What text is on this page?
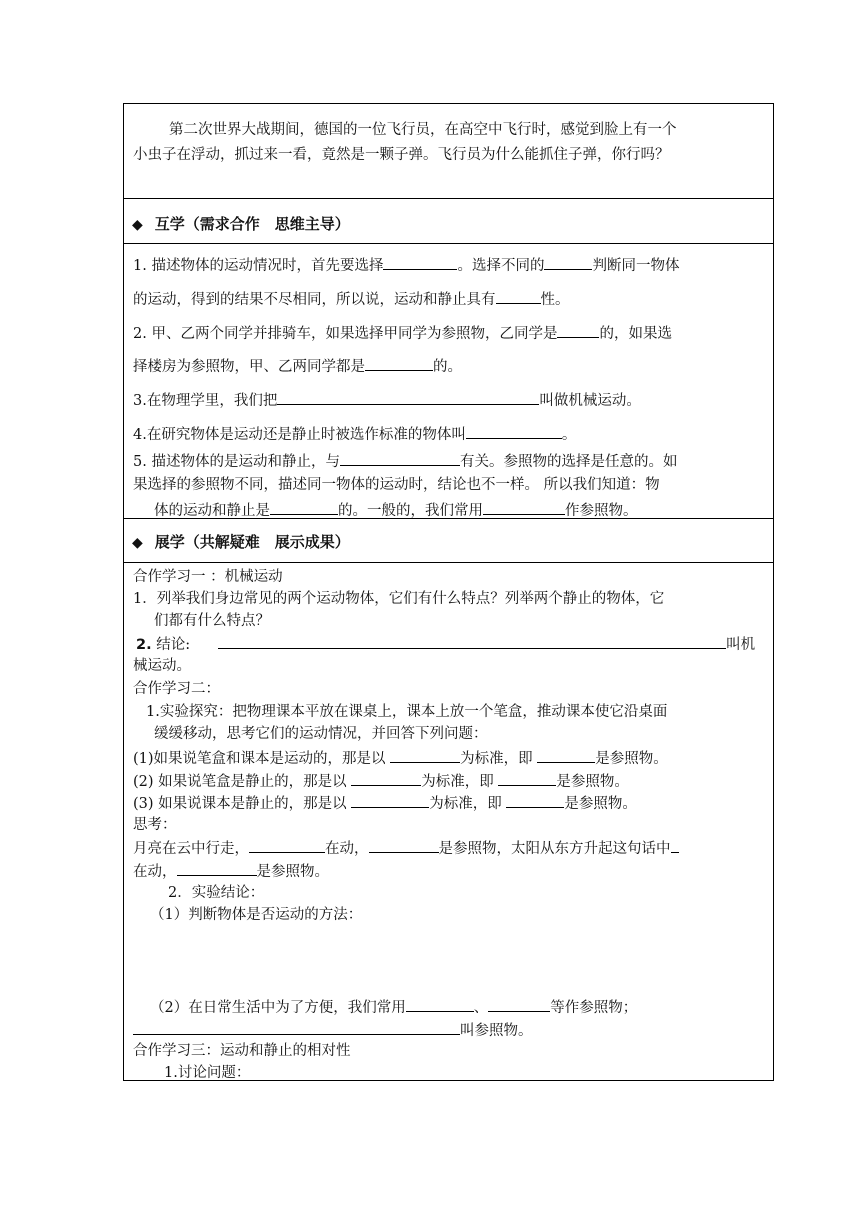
第二次世界大战期间，德国的一位飞行员，在高空中飞行时，感觉到脸上有一个
小虫子在浮动，抓过来一看，竟然是一颗子弹。飞行员为什么能抓住子弹，你行吗？
◆ 互学（需求合作　思维主导）
1. 描述物体的运动情况时，首先要选择	。选择不同的	判断同一物体
的运动，得到的结果不尽相同，所以说，运动和静止具有	性。
2. 甲、乙两个同学并排骑车，如果选择甲同学为参照物，乙同学是	的，如果选
择楼房为参照物，甲、乙两同学都是	的。
3.在物理学里，我们把	叫做机械运动。
4.在研究物体是运动还是静止时被选作标准的物体叫	。
5. 描述物体的是运动和静止，与	有关。参照物的选择是任意的。如
果选择的参照物不同，描述同一物体的运动时，结论也不一样。 所以我们知道：物
体的运动和静止是	的。一般的，我们常用	作参照物。
◆ 展学（共解疑难　展示成果）
合作学习一 ：机械运动
1．列举我们身边常见的两个运动物体，它们有什么特点？列举两个静止的物体，它
们都有什么特点？
2. 结论:	叫机
械运动。
合作学习二：
1.实验探究：把物理课本平放在课桌上，课本上放一个笔盒，推动课本使它沿桌面
缓缓移动，思考它们的运动情况，并回答下列问题：
(1)如果说笔盒和课本是运动的，那是以	为标准，即	是参照物。
(2) 如果说笔盒是静止的，那是以	为标准，即	是参照物。
(3) 如果说课本是静止的，那是以	为标准，即	是参照物。
思考：
月亮在云中行走，	在动，	是参照物，太阳从东方升起这句话中
在动，	是参照物。
2．实验结论：
（1）判断物体是否运动的方法：
（2）在日常生活中为了方便，我们常用	、	等作参照物；
叫参照物。
合作学习三：运动和静止的相对性
1.讨论问题：
